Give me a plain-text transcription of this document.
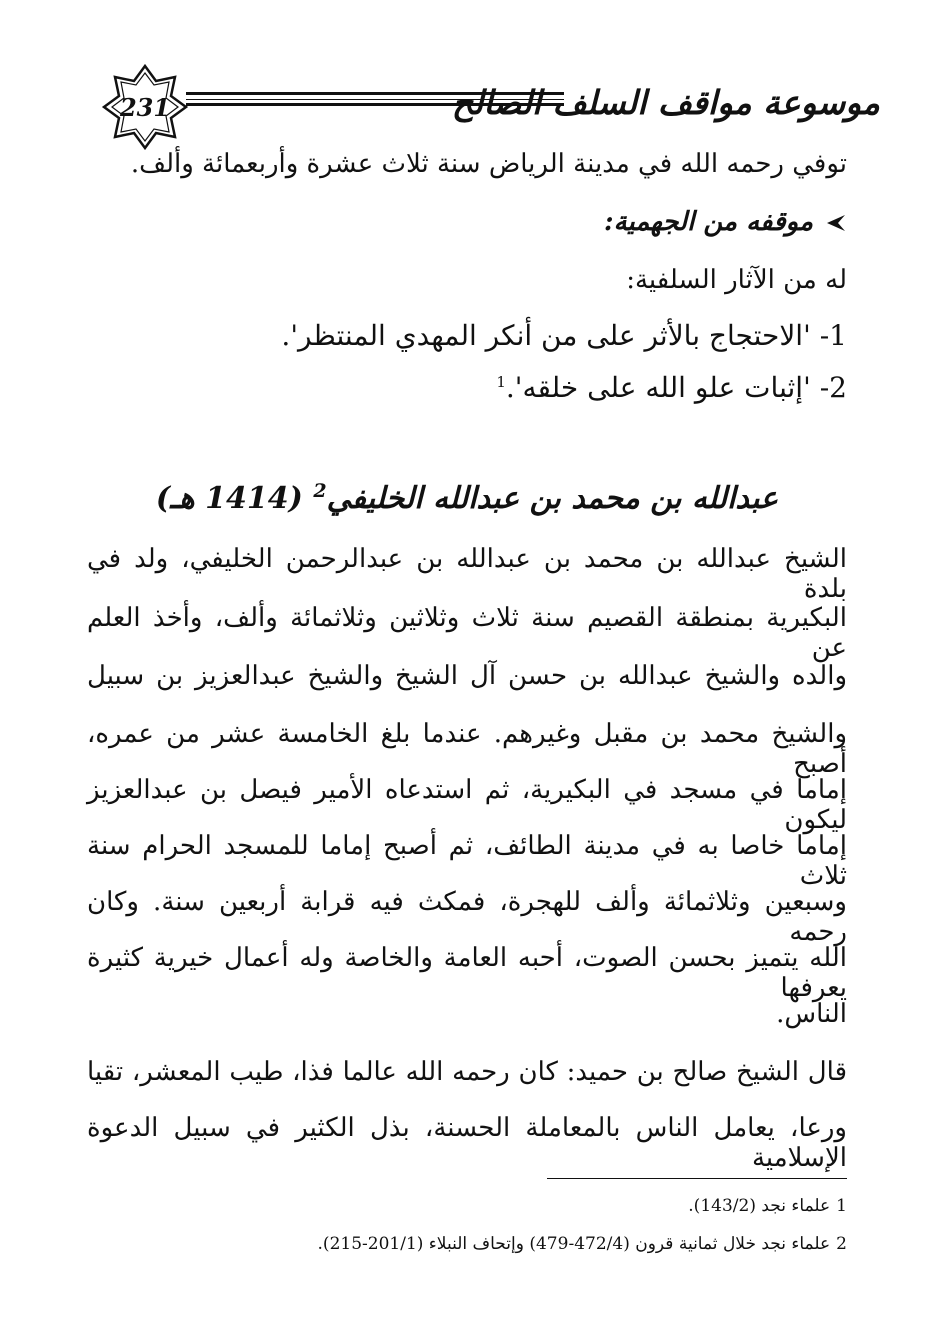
موسوعة مواقف السلف الصالح
231
توفي رحمه الله في مدينة الرياض سنة ثلاث عشرة وأربعمائة وألف.
موقفه من الجهمية:
له من الآثار السلفية:
1- 'الاحتجاج بالأثر على من أنكر المهدي المنتظر'.
2- 'إثبات علو الله على خلقه'.$^1$
عبدالله بن محمد بن عبدالله الخليفي$^2$ (1414 هـ)
الشيخ عبدالله بن محمد بن عبدالله بن عبدالرحمن الخليفي، ولد في بلدة
البكيرية بمنطقة القصيم سنة ثلاث وثلاثين وثلاثمائة وألف، وأخذ العلم عن
والده والشيخ عبدالله بن حسن آل الشيخ والشيخ عبدالعزيز بن سبيل
والشيخ محمد بن مقبل وغيرهم. عندما بلغ الخامسة عشر من عمره، أصبح
إماما في مسجد في البكيرية، ثم استدعاه الأمير فيصل بن عبدالعزيز ليكون
إماما خاصا به في مدينة الطائف، ثم أصبح إماما للمسجد الحرام سنة ثلاث
وسبعين وثلاثمائة وألف للهجرة، فمكث فيه قرابة أربعين سنة. وكان رحمه
الله يتميز بحسن الصوت، أحبه العامة والخاصة وله أعمال خيرية كثيرة يعرفها
الناس.
قال الشيخ صالح بن حميد: كان رحمه الله عالما فذا، طيب المعشر، تقيا
ورعا، يعامل الناس بالمعاملة الحسنة، بذل الكثير في سبيل الدعوة الإسلامية
1علماء نجد (143/2).
2علماء نجد خلال ثمانية قرون (472/4-479) وإتحاف النبلاء (201/1-215).
